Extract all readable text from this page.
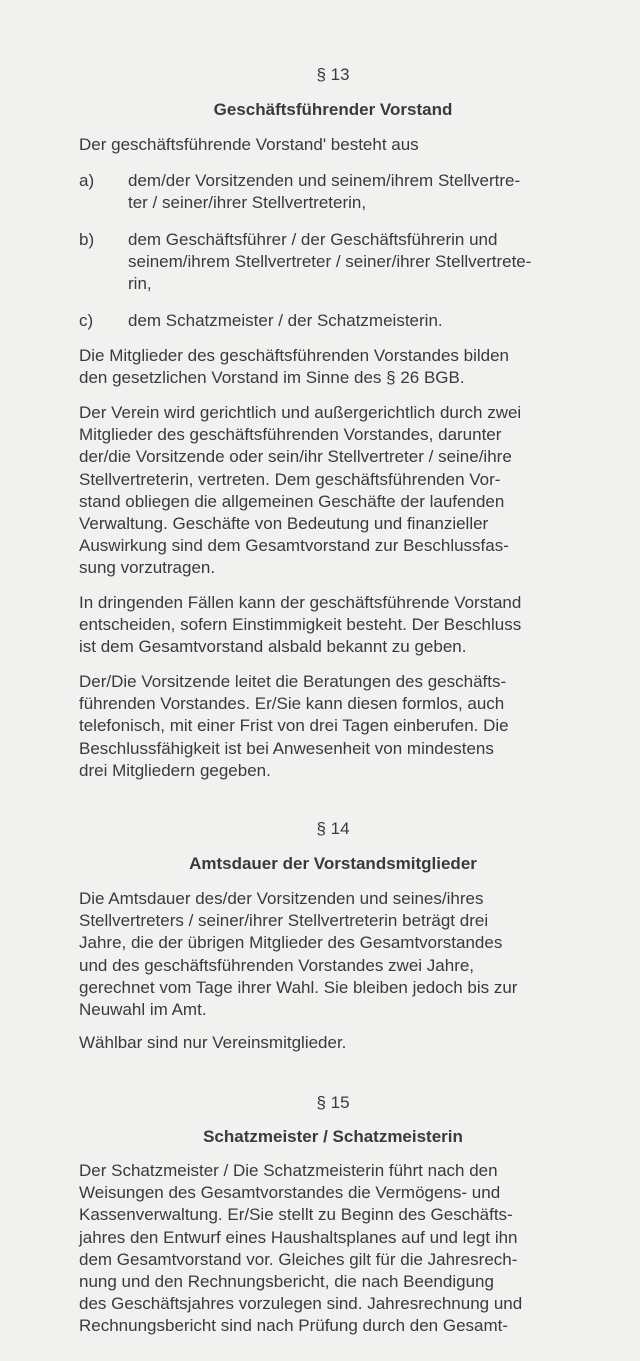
§ 13
Geschäftsführender Vorstand
Der geschäftsführende Vorstand' besteht aus
a) dem/der Vorsitzenden und seinem/ihrem Stellvertre-
ter / seiner/ihrer Stellvertreterin,
b) dem Geschäftsführer / der Geschäftsführerin und
seinem/ihrem Stellvertreter / seiner/ihrer Stellvertrete-
rin,
c) dem Schatzmeister / der Schatzmeisterin.
Die Mitglieder des geschäftsführenden Vorstandes bilden
den gesetzlichen Vorstand im Sinne des § 26 BGB.
Der Verein wird gerichtlich und außergerichtlich durch zwei
Mitglieder des geschäftsführenden Vorstandes, darunter
der/die Vorsitzende oder sein/ihr Stellvertreter / seine/ihre
Stellvertreterin, vertreten. Dem geschäftsführenden Vor-
stand obliegen die allgemeinen Geschäfte der laufenden
Verwaltung. Geschäfte von Bedeutung und finanzieller
Auswirkung sind dem Gesamtvorstand zur Beschlussfas-
sung vorzutragen.
In dringenden Fällen kann der geschäftsführende Vorstand
entscheiden, sofern Einstimmigkeit besteht. Der Beschluss
ist dem Gesamtvorstand alsbald bekannt zu geben.
Der/Die Vorsitzende leitet die Beratungen des geschäfts-
führenden Vorstandes. Er/Sie kann diesen formlos, auch
telefonisch, mit einer Frist von drei Tagen einberufen. Die
Beschlussfähigkeit ist bei Anwesenheit von mindestens
drei Mitgliedern gegeben.
§ 14
Amtsdauer der Vorstandsmitglieder
Die Amtsdauer des/der Vorsitzenden und seines/ihres
Stellvertreters / seiner/ihrer Stellvertreterin beträgt drei
Jahre, die der übrigen Mitglieder des Gesamtvorstandes
und des geschäftsführenden Vorstandes zwei Jahre,
gerechnet vom Tage ihrer Wahl. Sie bleiben jedoch bis zur
Neuwahl im Amt.
Wählbar sind nur Vereinsmitglieder.
§ 15
Schatzmeister / Schatzmeisterin
Der Schatzmeister / Die Schatzmeisterin führt nach den
Weisungen des Gesamtvorstandes die Vermögens- und
Kassenverwaltung. Er/Sie stellt zu Beginn des Geschäfts-
jahres den Entwurf eines Haushaltsplanes auf und legt ihn
dem Gesamtvorstand vor. Gleiches gilt für die Jahresrech-
nung und den Rechnungsbericht, die nach Beendigung
des Geschäftsjahres vorzulegen sind. Jahresrechnung und
Rechnungsbericht sind nach Prüfung durch den Gesamt-
